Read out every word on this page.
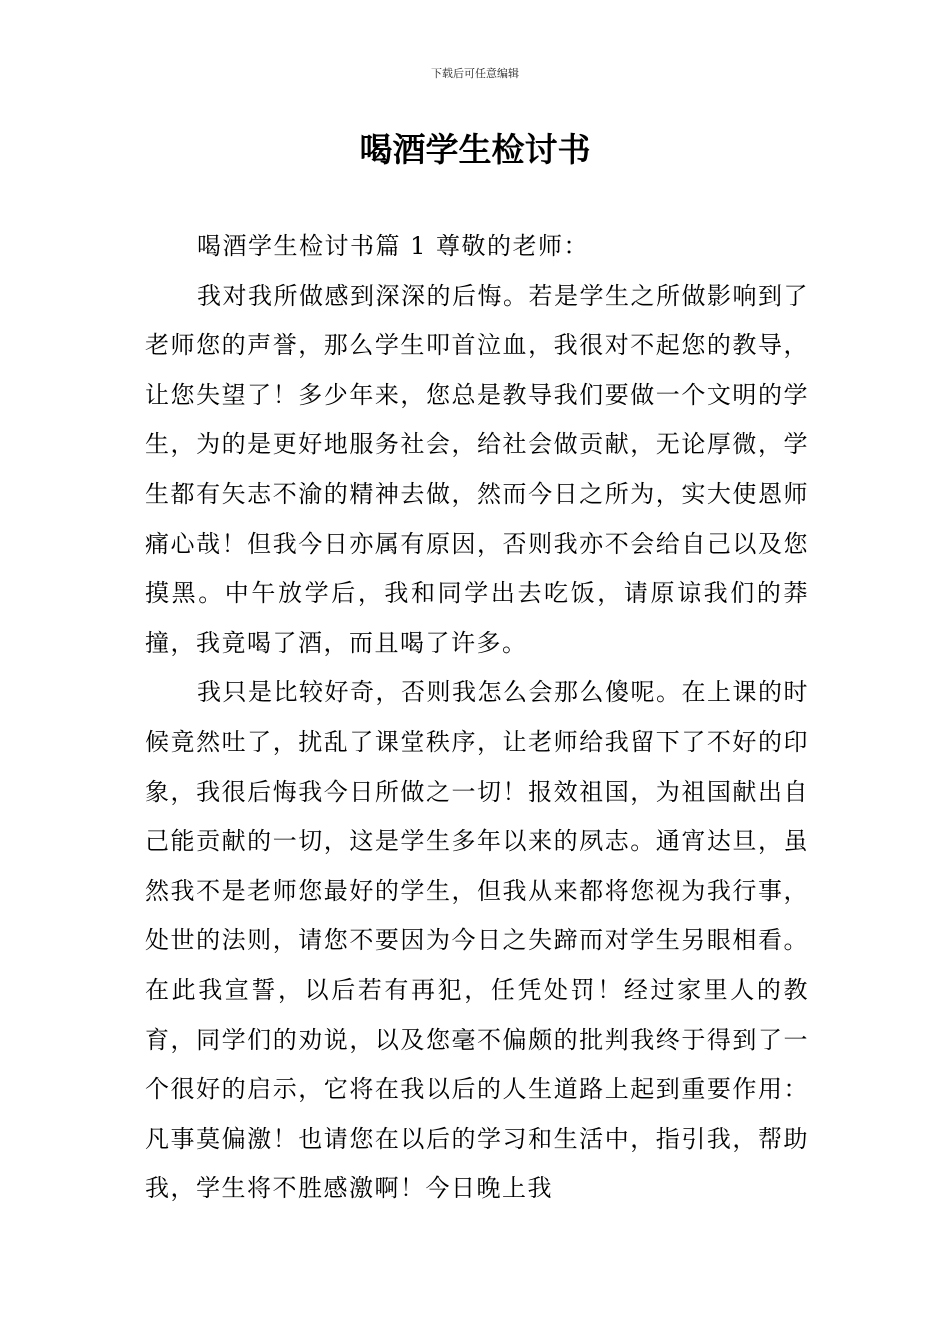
下载后可任意编辑
喝酒学生检讨书

喝酒学生检讨书篇 1 尊敬的老师：

我对我所做感到深深的后悔。若是学生之所做影响到了老师您的声誉，那么学生叩首泣血，我很对不起您的教导，让您失望了！多少年来，您总是教导我们要做一个文明的学生，为的是更好地服务社会，给社会做贡献，无论厚微，学生都有矢志不渝的精神去做，然而今日之所为，实大使恩师痛心哉！但我今日亦属有原因，否则我亦不会给自己以及您摸黑。中午放学后，我和同学出去吃饭，请原谅我们的莽撞，我竟喝了酒，而且喝了许多。

我只是比较好奇，否则我怎么会那么傻呢。在上课的时候竟然吐了，扰乱了课堂秩序，让老师给我留下了不好的印象，我很后悔我今日所做之一切！报效祖国，为祖国献出自己能贡献的一切，这是学生多年以来的夙志。通宵达旦，虽然我不是老师您最好的学生，但我从来都将您视为我行事，处世的法则，请您不要因为今日之失蹄而对学生另眼相看。在此我宣誓，以后若有再犯，任凭处罚！经过家里人的教育，同学们的劝说，以及您毫不偏颇的批判我终于得到了一个很好的启示，它将在我以后的人生道路上起到重要作用：凡事莫偏激！也请您在以后的学习和生活中，指引我，帮助我，学生将不胜感激啊！今日晚上我
